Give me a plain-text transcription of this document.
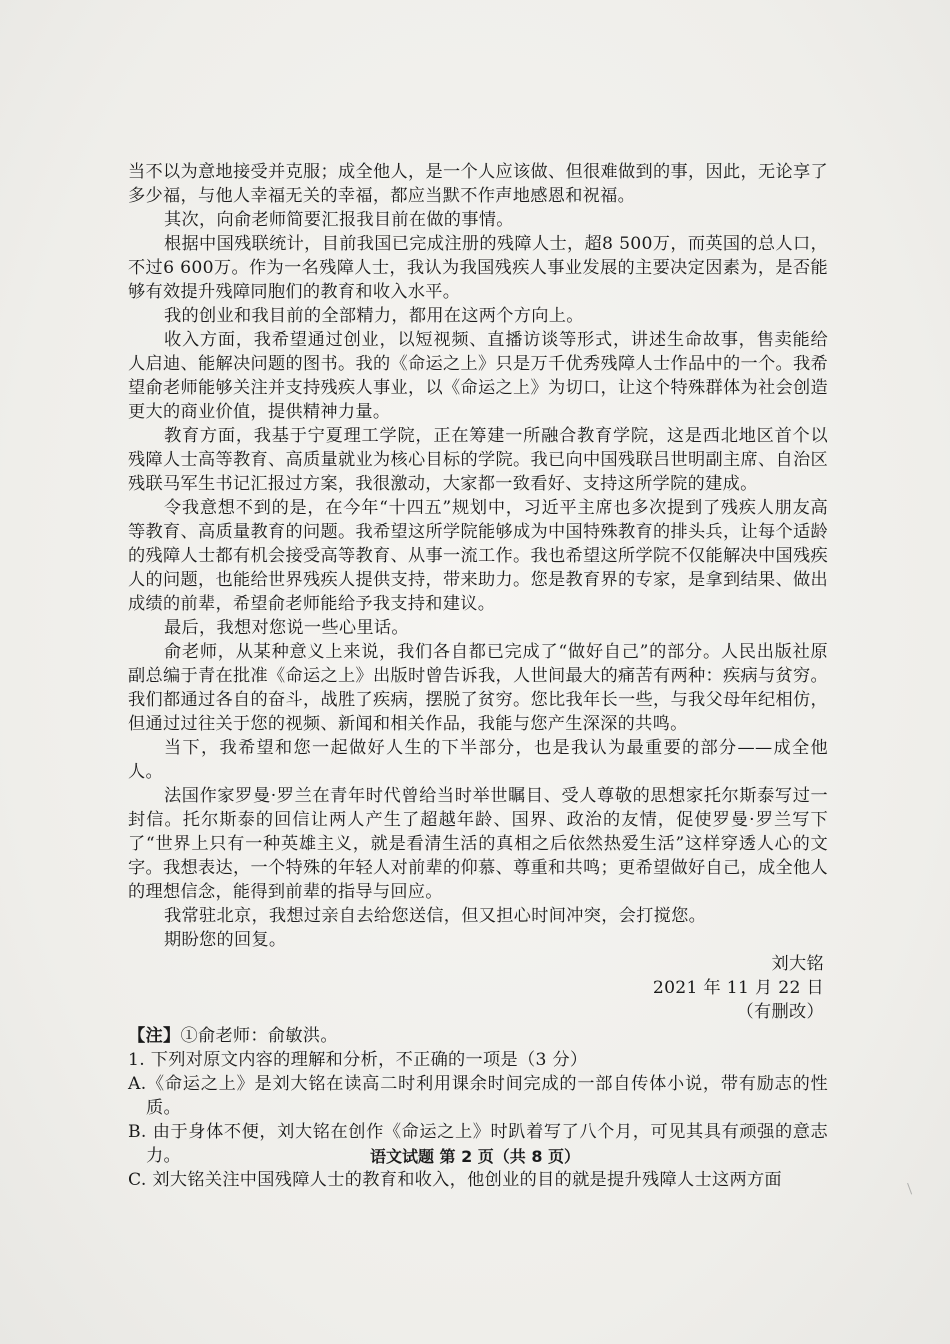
当不以为意地接受并克服；成全他人，是一个人应该做、但很难做到的事，因此，无论享了多少福，与他人幸福无关的幸福，都应当默不作声地感恩和祝福。

其次，向俞老师简要汇报我目前在做的事情。

根据中国残联统计，目前我国已完成注册的残障人士，超8 500万，而英国的总人口，不过6 600万。作为一名残障人士，我认为我国残疾人事业发展的主要决定因素为，是否能够有效提升残障同胞们的教育和收入水平。

我的创业和我目前的全部精力，都用在这两个方向上。

收入方面，我希望通过创业，以短视频、直播访谈等形式，讲述生命故事，售卖能给人启迪、能解决问题的图书。我的《命运之上》只是万千优秀残障人士作品中的一个。我希望俞老师能够关注并支持残疾人事业，以《命运之上》为切口，让这个特殊群体为社会创造更大的商业价值，提供精神力量。

教育方面，我基于宁夏理工学院，正在筹建一所融合教育学院，这是西北地区首个以残障人士高等教育、高质量就业为核心目标的学院。我已向中国残联吕世明副主席、自治区残联马军生书记汇报过方案，我很激动，大家都一致看好、支持这所学院的建成。

令我意想不到的是，在今年“十四五”规划中，习近平主席也多次提到了残疾人朋友高等教育、高质量教育的问题。我希望这所学院能够成为中国特殊教育的排头兵，让每个适龄的残障人士都有机会接受高等教育、从事一流工作。我也希望这所学院不仅能解决中国残疾人的问题，也能给世界残疾人提供支持，带来助力。您是教育界的专家，是拿到结果、做出成绩的前辈，希望俞老师能给予我支持和建议。

最后，我想对您说一些心里话。

俞老师，从某种意义上来说，我们各自都已完成了“做好自己”的部分。人民出版社原副总编于青在批准《命运之上》出版时曾告诉我，人世间最大的痛苦有两种：疾病与贫穷。我们都通过各自的奋斗，战胜了疾病，摆脱了贫穷。您比我年长一些，与我父母年纪相仿，但通过过往关于您的视频、新闻和相关作品，我能与您产生深深的共鸣。

当下，我希望和您一起做好人生的下半部分，也是我认为最重要的部分——成全他人。

法国作家罗曼·罗兰在青年时代曾给当时举世瞩目、受人尊敬的思想家托尔斯泰写过一封信。托尔斯泰的回信让两人产生了超越年龄、国界、政治的友情，促使罗曼·罗兰写下了“世界上只有一种英雄主义，就是看清生活的真相之后依然热爱生活”这样穿透人心的文字。我想表达，一个特殊的年轻人对前辈的仰慕、尊重和共鸣；更希望做好自己，成全他人的理想信念，能得到前辈的指导与回应。

我常驻北京，我想过亲自去给您送信，但又担心时间冲突，会打搅您。

期盼您的回复。

刘大铭

2021 年 11 月 22 日

（有删改）

【注】①俞老师：俞敏洪。

1. 下列对原文内容的理解和分析，不正确的一项是（3 分）

A.《命运之上》是刘大铭在读高二时利用课余时间完成的一部自传体小说，带有励志的性质。

B. 由于身体不便，刘大铭在创作《命运之上》时趴着写了八个月，可见其具有顽强的意志力。

C. 刘大铭关注中国残障人士的教育和收入，他创业的目的就是提升残障人士这两方面

语文试题 第 2 页（共 8 页）
